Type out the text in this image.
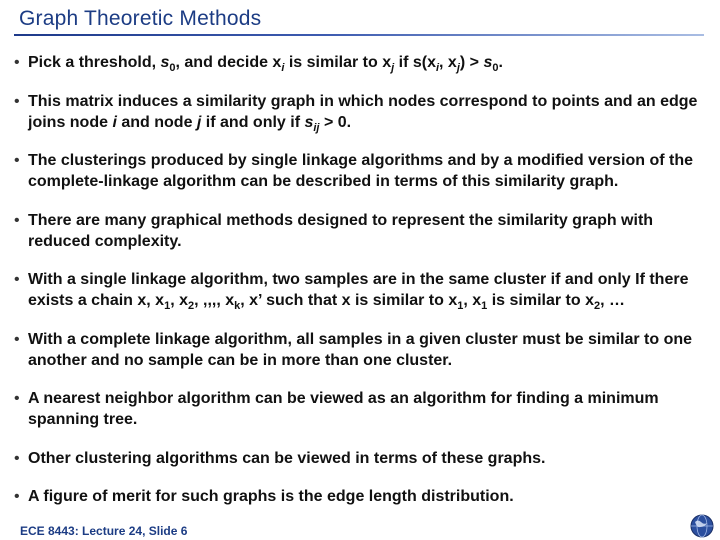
Graph Theoretic Methods
• Pick a threshold, $s_0$, and decide $x_i$ is similar to $x_j$ if $s(x_i$, $x_j) > s_0$.
• This matrix induces a similarity graph in which nodes correspond to points and an edge joins node i and node j if and only if $s_{ij} > 0$.
• The clusterings produced by single linkage algorithms and by a modified version of the complete-linkage algorithm can be described in terms of this similarity graph.
• There are many graphical methods designed to represent the similarity graph with reduced complexity.
• With a single linkage algorithm, two samples are in the same cluster if and only If there exists a chain x, $x_1$, $x_2$, ,,,, $x_k$, x’ such that x is similar to $x_1$, $x_1$ is similar to $x_2$, …
• With a complete linkage algorithm, all samples in a given cluster must be similar to one another and no sample can be in more than one cluster.
• A nearest neighbor algorithm can be viewed as an algorithm for finding a minimum spanning tree.
• Other clustering algorithms can be viewed in terms of these graphs.
• A figure of merit for such graphs is the edge length distribution.
ECE 8443: Lecture 24, Slide 6
